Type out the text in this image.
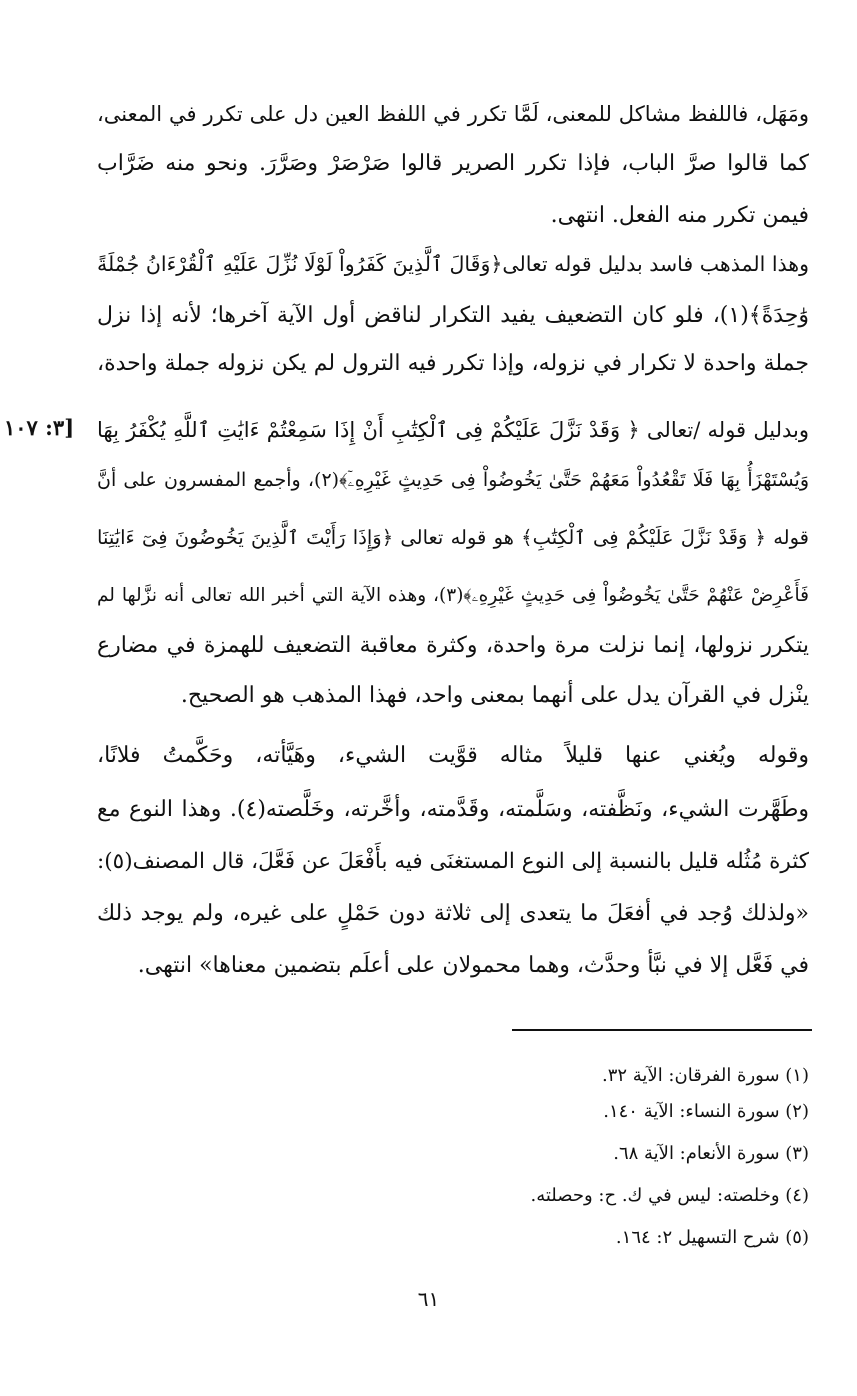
ومَهَل، فاللفظ مشاكل للمعنى، لَمَّا تكرر في اللفظ العين دل على تكرر في المعنى،
كما قالوا صرَّ الباب، فإذا تكرر الصرير قالوا صَرْصَرْ وصَرَّرَ. ونحو منه ضَرَّاب
فيمن تكرر منه الفعل. انتهى.
وهذا المذهب فاسد بدليل قوله تعالى﴿وَقَالَ ٱلَّذِينَ كَفَرُواْ لَوْلَا نُزِّلَ عَلَيْهِ ٱلْقُرْءَانُ جُمْلَةً
وَٰحِدَةً﴾(١)، فلو كان التضعيف يفيد التكرار لناقض أول الآية آخرها؛ لأنه إذا نزل
جملة واحدة لا تكرار في نزوله، وإذا تكرر فيه الترول لم يكن نزوله جملة واحدة،
وبدليل قوله /تعالى ﴿ وَقَدْ نَزَّلَ عَلَيْكُمْ فِى ٱلْكِتَٰبِ أَنْ إِذَا سَمِعْتُمْ ءَايَٰتِ ٱللَّهِ يُكْفَرُ بِهَا
وَيُسْتَهْزَأُ بِهَا فَلَا تَقْعُدُواْ مَعَهُمْ حَتَّىٰ يَخُوضُواْ فِى حَدِيثٍ غَيْرِهِۦٓ﴾(٢)، وأجمع المفسرون على أنَّ
قوله ﴿ وَقَدْ نَزَّلَ عَلَيْكُمْ فِى ٱلْكِتَٰبِ﴾ هو قوله تعالى ﴿وَإِذَا رَأَيْتَ ٱلَّذِينَ يَخُوضُونَ فِىٓ ءَايَٰتِنَا
فَأَعْرِضْ عَنْهُمْ حَتَّىٰ يَخُوضُواْ فِى حَدِيثٍ غَيْرِهِۦ﴾(٣)، وهذه الآية التي أخبر الله تعالى أنه نزَّلها لم
يتكرر نزولها، إنما نزلت مرة واحدة، وكثرة معاقبة التضعيف للهمزة في مضارع
ينْزل في القرآن يدل على أنهما بمعنى واحد، فهذا المذهب هو الصحيح.
وقوله ويُغني عنها قليلاً مثاله قوَّيت الشيء، وهَيَّأته، وحَكَّمتُ فلانًا،
وطَهَّرت الشيء، ونَظَّفته، وسَلَّمته، وقَدَّمته، وأخَّرته، وخَلَّصته(٤). وهذا النوع مع
كثرة مُثُله قليل بالنسبة إلى النوع المستغنَى فيه بأَفْعَلَ عن فَعَّلَ، قال المصنف(٥):
«ولذلك وُجد في أفعَلَ ما يتعدى إلى ثلاثة دون حَمْلٍ على غيره، ولم يوجد ذلك
في فَعَّل إلا في نبَّأ وحدَّث، وهما محمولان على أعلَم بتضمين معناها» انتهى.
[٣: ١٠٧
(١) سورة الفرقان: الآية ٣٢.
(٢) سورة النساء: الآية ١٤٠.
(٣) سورة الأنعام: الآية ٦٨.
(٤) وخلصته: ليس في ك. ح: وحصلته.
(٥) شرح التسهيل ٢: ١٦٤.
٦١
